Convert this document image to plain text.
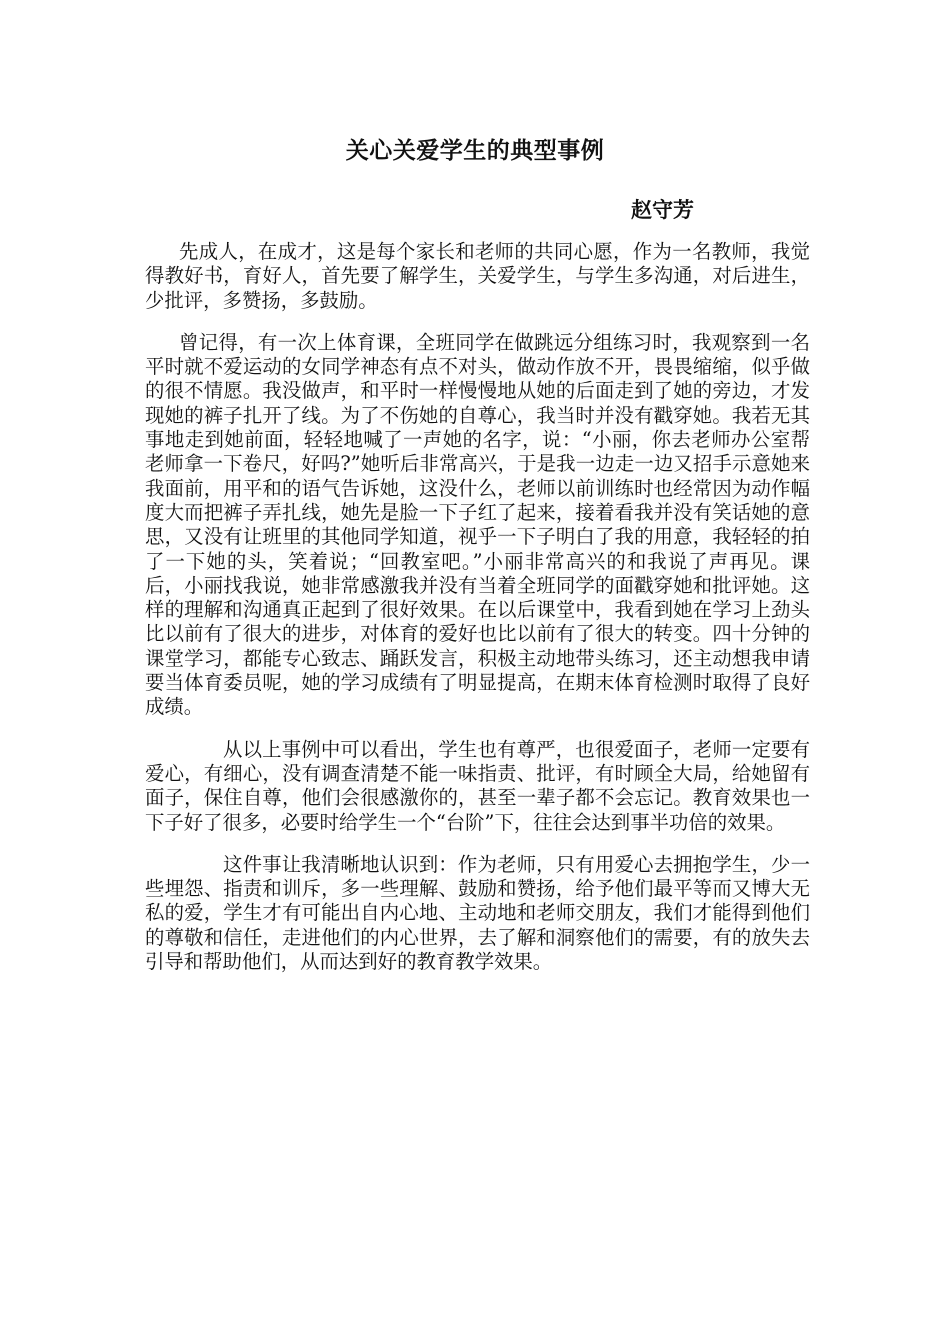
关心关爱学生的典型事例
赵守芳

先成人，在成才，这是每个家长和老师的共同心愿，作为一名教师，我觉得教好书，育好人，首先要了解学生，关爱学生，与学生多沟通，对后进生，少批评，多赞扬，多鼓励。

曾记得，有一次上体育课，全班同学在做跳远分组练习时，我观察到一名平时就不爱运动的女同学神态有点不对头，做动作放不开，畏畏缩缩，似乎做的很不情愿。我没做声，和平时一样慢慢地从她的后面走到了她的旁边，才发现她的裤子扎开了线。为了不伤她的自尊心，我当时并没有戳穿她。我若无其事地走到她前面，轻轻地喊了一声她的名字，说：“小丽，你去老师办公室帮老师拿一下卷尺，好吗?”她听后非常高兴，于是我一边走一边又招手示意她来我面前，用平和的语气告诉她，这没什么，老师以前训练时也经常因为动作幅度大而把裤子弄扎线，她先是脸一下子红了起来，接着看我并没有笑话她的意思，又没有让班里的其他同学知道，视乎一下子明白了我的用意，我轻轻的拍了一下她的头，笑着说；“回教室吧。”小丽非常高兴的和我说了声再见。课后，小丽找我说，她非常感激我并没有当着全班同学的面戳穿她和批评她。这样的理解和沟通真正起到了很好效果。在以后课堂中，我看到她在学习上劲头比以前有了很大的进步，对体育的爱好也比以前有了很大的转变。四十分钟的课堂学习，都能专心致志、踊跃发言，积极主动地带头练习，还主动想我申请要当体育委员呢，她的学习成绩有了明显提高，在期末体育检测时取得了良好成绩。

从以上事例中可以看出，学生也有尊严，也很爱面子，老师一定要有爱心，有细心，没有调查清楚不能一味指责、批评，有时顾全大局，给她留有面子，保住自尊，他们会很感激你的，甚至一辈子都不会忘记。教育效果也一下子好了很多，必要时给学生一个“台阶”下，往往会达到事半功倍的效果。

这件事让我清晰地认识到：作为老师，只有用爱心去拥抱学生，少一些埋怨、指责和训斥，多一些理解、鼓励和赞扬，给予他们最平等而又博大无私的爱，学生才有可能出自内心地、主动地和老师交朋友，我们才能得到他们的尊敬和信任，走进他们的内心世界，去了解和洞察他们的需要，有的放失去引导和帮助他们，从而达到好的教育教学效果。
